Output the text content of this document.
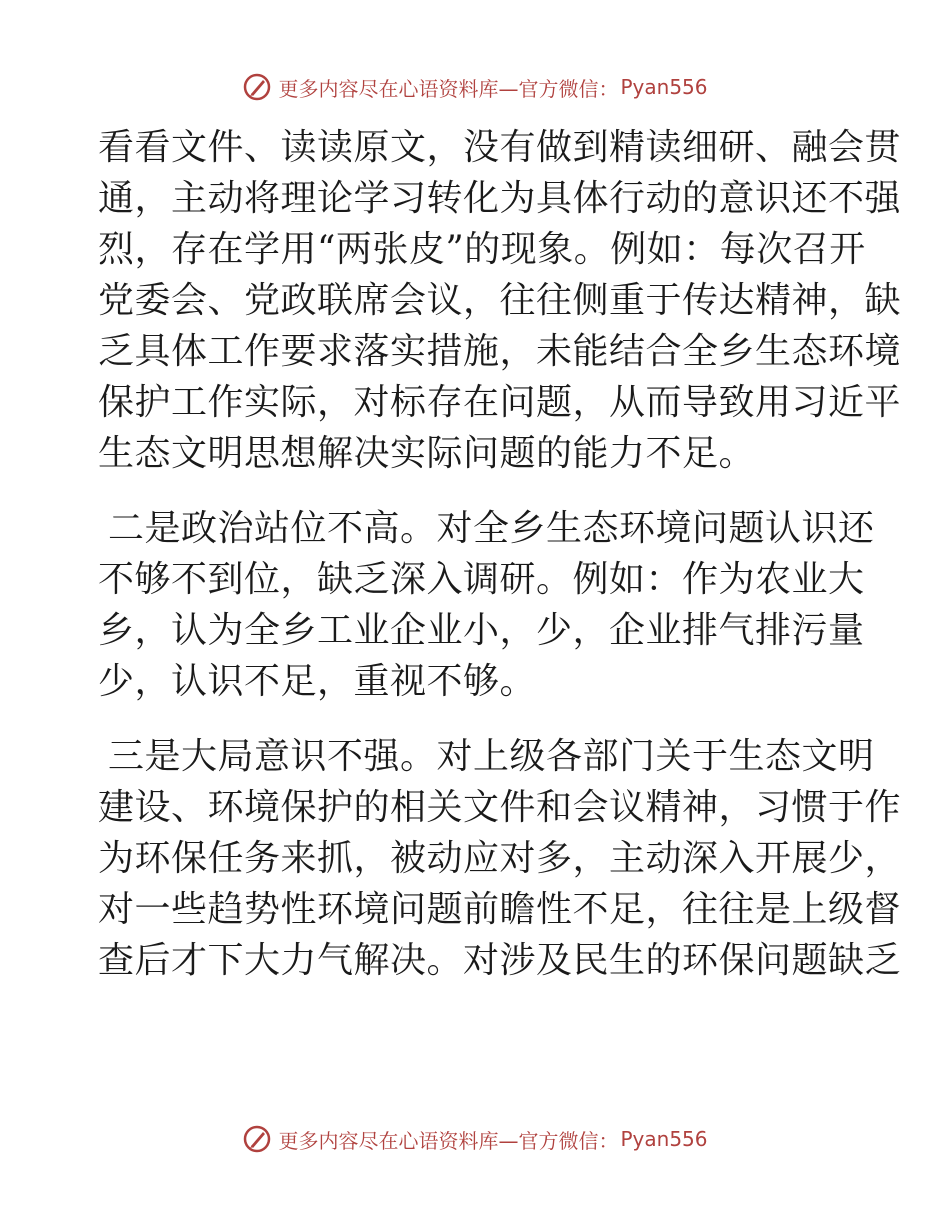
更多内容尽在心语资料库—官方微信： Pyan556
看看文件、读读原文，没有做到精读细研、融会贯
通，主动将理论学习转化为具体行动的意识还不强
烈，存在学用“两张皮”的现象。例如：每次召开
党委会、党政联席会议，往往侧重于传达精神，缺
乏具体工作要求落实措施，未能结合全乡生态环境
保护工作实际，对标存在问题，从而导致用习近平
生态文明思想解决实际问题的能力不足。
二是政治站位不高。对全乡生态环境问题认识还
不够不到位，缺乏深入调研。例如：作为农业大
乡，认为全乡工业企业小，少，企业排气排污量
少，认识不足，重视不够。
三是大局意识不强。对上级各部门关于生态文明
建设、环境保护的相关文件和会议精神，习惯于作
为环保任务来抓，被动应对多，主动深入开展少，
对一些趋势性环境问题前瞻性不足，往往是上级督
查后才下大力气解决。对涉及民生的环保问题缺乏
更多内容尽在心语资料库—官方微信： Pyan556
